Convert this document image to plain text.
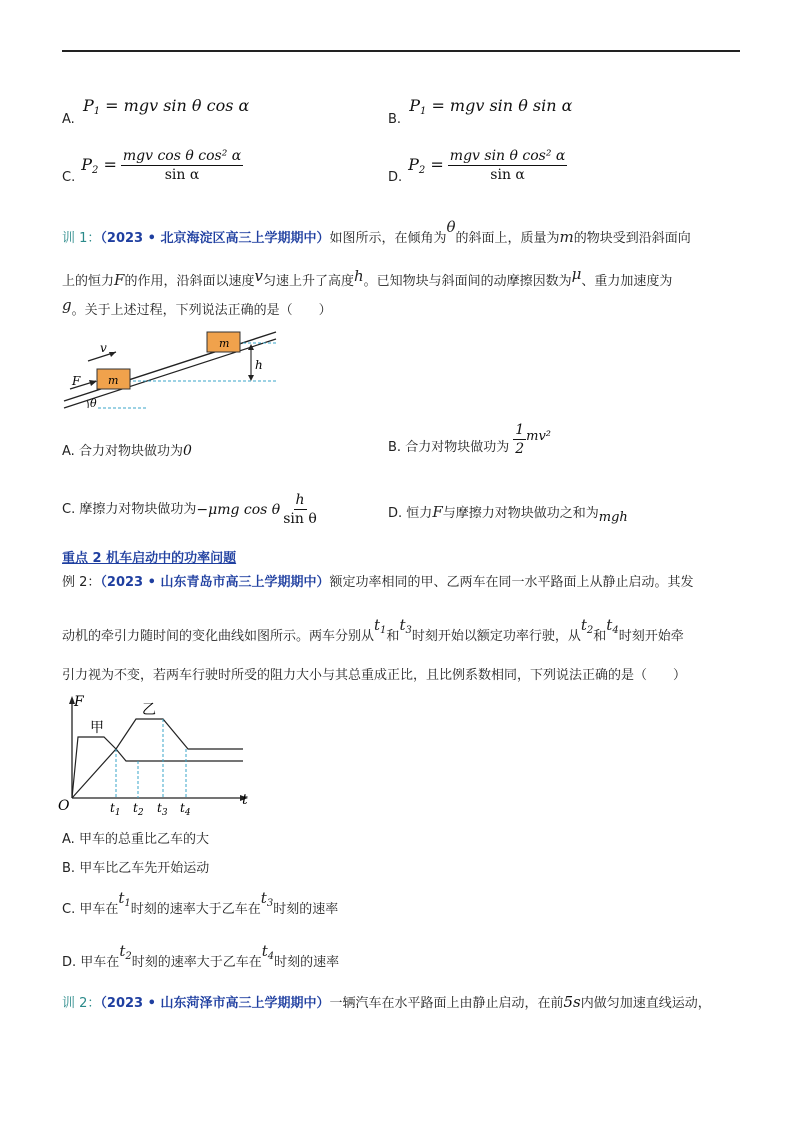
A. $P_1$ = mgv sin θ cos α
B. $P_1$ = mgv sin θ sin α
C.
$P_2 = \frac{\text{mgv cos θ cos² α}}{\text{sin α}}$	D.
$P_2 = \frac{\text{mgv sin θ cos² α}}{\text{sin α}}$
训 1：（2023 • 北京海淀区高三上学期期中）如图所示，在倾角为θ的斜面上，质量为m的物块受到沿斜面向
上的恒力F的作用，沿斜面以速度v匀速上升了高度h。已知物块与斜面间的动摩擦因数为μ、重力加速度为
g。关于上述过程，下列说法正确的是（　　）
m
m
v
F
h
θ
A. 合力对物块做功为0	B. 合力对物块做功为 $\frac{1}{2} mv^2$
C. 摩擦力对物块做功为 −μmg cos θ $\frac{h}{\text{sin θ}}$	D. 恒力F与摩擦力对物块做功之和为mgh
重点 2 机车启动中的功率问题
例 2：（2023 • 山东青岛市高三上学期期中）额定功率相同的甲、乙两车在同一水平路面上从静止启动。其发
动机的牵引力随时间的变化曲线如图所示。两车分别从$t_1$和$t_3$时刻开始以额定功率行驶，从$t_2$和$t_4$时刻开始牵
引力视为不变，若两车行驶时所受的阻力大小与其总重成正比，且比例系数相同，下列说法正确的是（　　）
F
O	t
甲
乙
$t_1$ $t_2$ $t_3$ $t_4$
A. 甲车的总重比乙车的大
B. 甲车比乙车先开始运动
C. 甲车在$t_1$时刻的速率大于乙车在$t_3$时刻的速率
D. 甲车在$t_2$时刻的速率大于乙车在$t_4$时刻的速率
训 2：（2023 • 山东菏泽市高三上学期期中）一辆汽车在水平路面上由静止启动，在前5s内做匀加速直线运动，
